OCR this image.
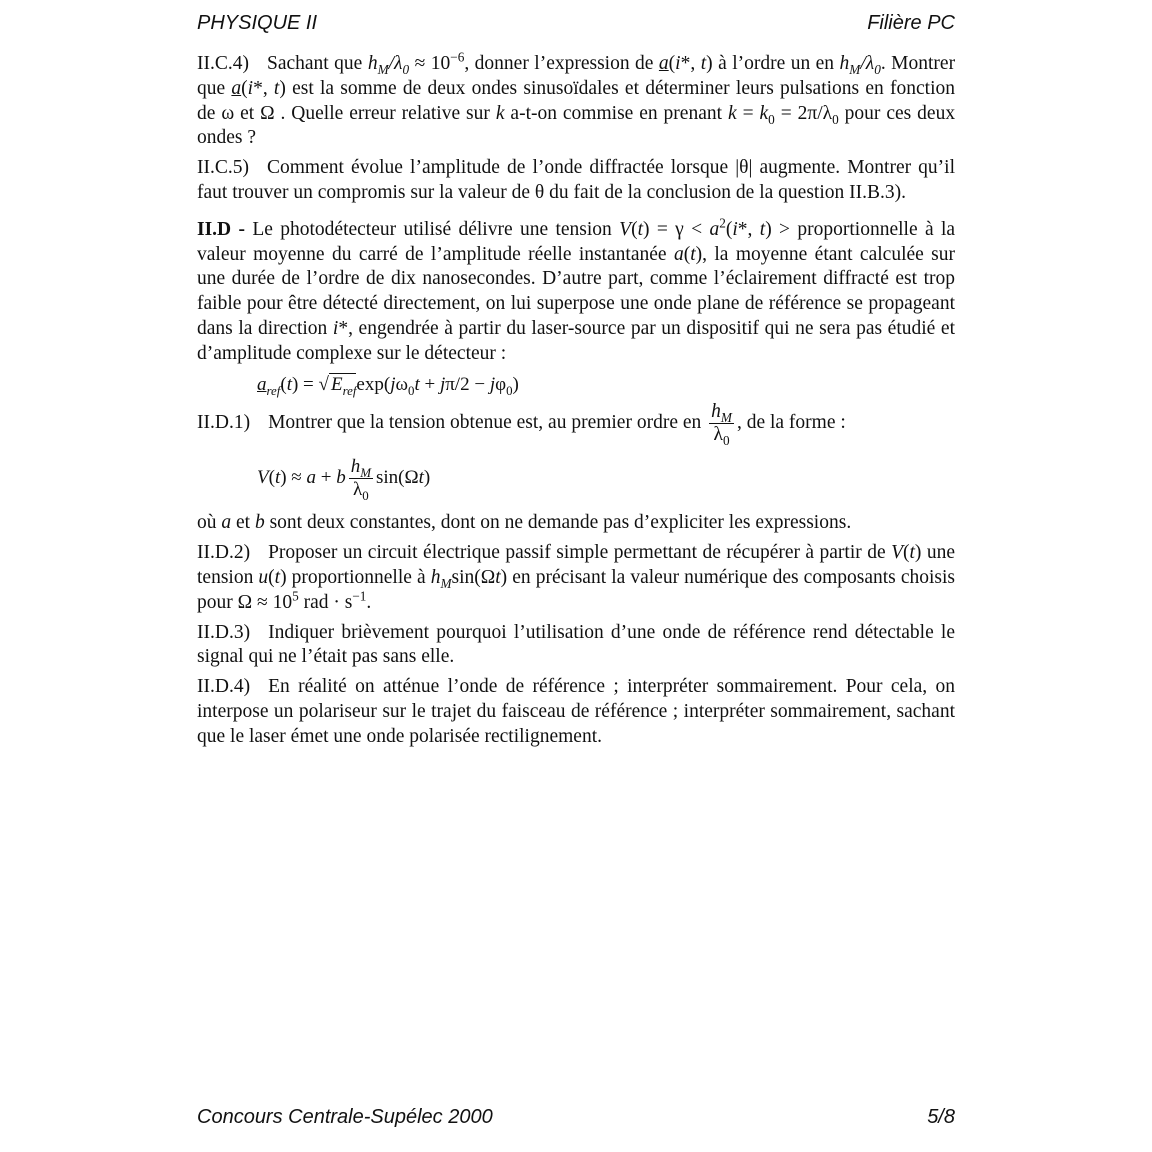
PHYSIQUE II	Filière PC

II.C.4) Sachant que $h_M/\lambda_0 \approx 10^{-6}$, donner l’expression de a(i*, t) à l’ordre un en $h_M/\lambda_0$. Montrer que a(i*, t) est la somme de deux ondes sinusoïdales et déterminer leurs pulsations en fonction de ω et Ω . Quelle erreur relative sur k a-t-on commise en prenant $k = k_0 = 2\pi/\lambda_0$ pour ces deux ondes ?

II.C.5) Comment évolue l’amplitude de l’onde diffractée lorsque |θ| augmente. Montrer qu’il faut trouver un compromis sur la valeur de θ du fait de la conclusion de la question II.B.3).

II.D - Le photodétecteur utilisé délivre une tension $V(t) = \gamma < a^2(i*$, t) > proportionnelle à la valeur moyenne du carré de l’amplitude réelle instantanée a(t), la moyenne étant calculée sur une durée de l’ordre de dix nanosecondes. D’autre part, comme l’éclairement diffracté est trop faible pour être détecté directement, on lui superpose une onde plane de référence se propageant dans la direction i*, engendrée à partir du laser-source par un dispositif qui ne sera pas étudié et d’amplitude complexe sur le détecteur :

$a_{ref}(t)$ = √ $E_{ref}\exp(j\omega_0t + j\pi/2 - j\varphi_0)$

II.D.1) Montrer que la tension obtenue est, au premier ordre en $\frac{h_M}{\lambda_0}$ , de la forme :

V(t) ≈ a + b $\frac{h_M}{\lambda_0} \sin(\Omega t)$

où a et b sont deux constantes, dont on ne demande pas d’expliciter les expressions.

II.D.2) Proposer un circuit électrique passif simple permettant de récupérer à partir de V(t) une tension u(t) proportionnelle à $h_M\sin(\Omega t)$ en précisant la valeur numérique des composants choisis pour $\Omega \approx 10^5$ rad · $s^{-1}$.

II.D.3) Indiquer brièvement pourquoi l’utilisation d’une onde de référence rend détectable le signal qui ne l’était pas sans elle.

II.D.4) En réalité on atténue l’onde de référence ; interpréter sommairement. Pour cela, on interpose un polariseur sur le trajet du faisceau de référence ; interpréter sommairement, sachant que le laser émet une onde polarisée rectilignement.

Concours Centrale-Supélec 2000	5/8
